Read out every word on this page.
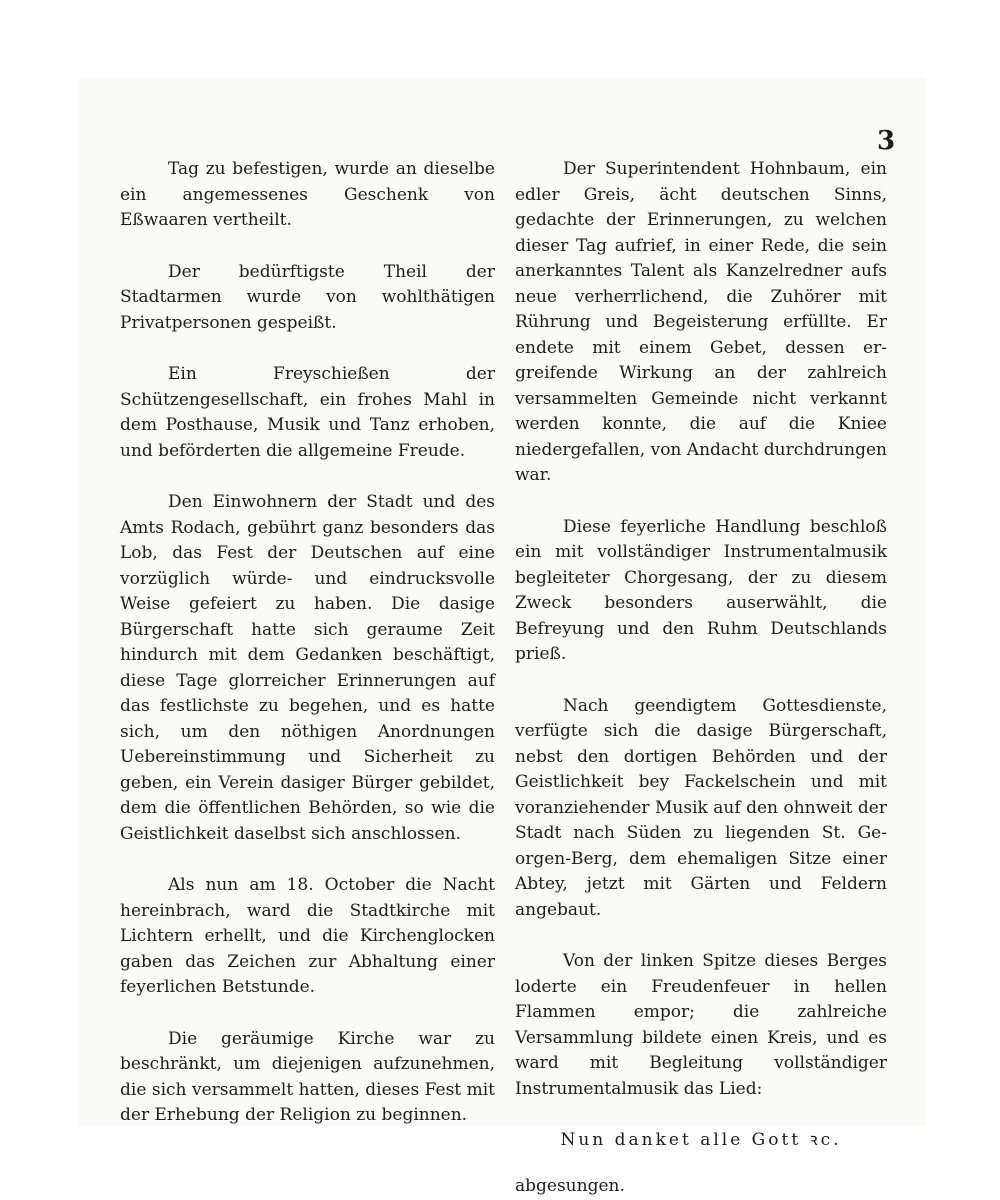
3

Tag zu befestigen, wurde an dieselbe ein angemessenes Geschenk von Eßwaaren vertheilt.

Der bedürftigste Theil der Stadtarmen wurde von wohlthätigen Privatpersonen gespeißt.

Ein Freyschießen der Schützengesellschaft, ein frohes Mahl in dem Posthause, Musik und Tanz erhoben, und beförderten die allgemeine Freude.

Den Einwohnern der Stadt und des Amts Rodach, gebührt ganz besonders das Lob, das Fest der Deutschen auf eine vorzüglich würde- und eindrucksvolle Weise gefeiert zu haben. Die dasige Bürgerschaft hatte sich geraume Zeit hindurch mit dem Gedanken beschäftigt, diese Tage glorreicher Erinnerungen auf das festlichste zu begehen, und es hatte sich, um den nöthigen Anordnungen Uebereinstimmung und Sicherheit zu geben, ein Verein dasiger Bürger gebildet, dem die öffentlichen Behörden, so wie die Geistlichkeit daselbst sich anschlossen.

Als nun am 18. October die Nacht hereinbrach, ward die Stadtkirche mit Lichtern erhellt, und die Kirchenglocken gaben das Zeichen zur Abhaltung einer feyerlichen Betstunde.

Die geräumige Kirche war zu beschränkt, um diejenigen aufzunehmen, die sich versammelt hatten, dieses Fest mit der Erhebung der Religion zu beginnen.

Der Superintendent Hohnbaum, ein edler Greis, ächt deutschen Sinns, gedachte der Erinnerungen, zu welchen dieser Tag aufrief, in einer Rede, die sein anerkanntes Talent als Kanzelredner aufs neue verherrlichend, die Zuhörer mit Rührung und Begeisterung erfüllte. Er endete mit einem Gebet, dessen ergreifende Wirkung an der zahlreich versammelten Gemeinde nicht verkannt werden konnte, die auf die Kniee niedergefallen, von Andacht durchdrungen war.

Diese feyerliche Handlung beschloß ein mit vollständiger Instrumentalmusik begleiteter Chorgesang, der zu diesem Zweck besonders auserwählt, die Befreyung und den Ruhm Deutschlands prieß.

Nach geendigtem Gottesdienste, verfügte sich die dasige Bürgerschaft, nebst den dortigen Behörden und der Geistlichkeit bey Fackelschein und mit voranziehender Musik auf den ohnweit der Stadt nach Süden zu liegenden St. Georgen-Berg, dem ehemaligen Sitze einer Abtey, jetzt mit Gärten und Feldern angebaut.

Von der linken Spitze dieses Berges loderte ein Freudenfeuer in hellen Flammen empor; die zahlreiche Versammlung bildete einen Kreis, und es ward mit Begleitung vollständiger Instrumentalmusik das Lied:

Nun danket alle Gott ꝛc.

abgesungen.
